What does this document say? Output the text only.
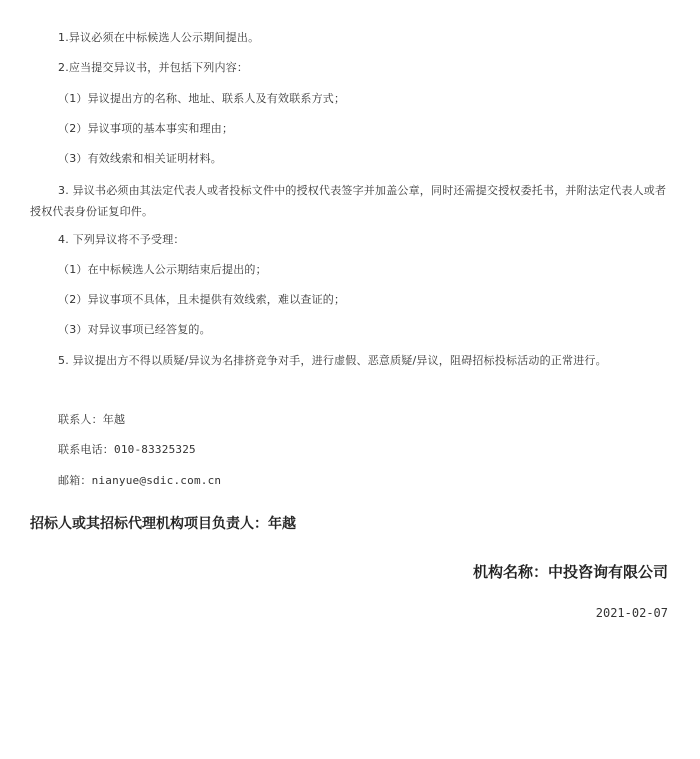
1.异议必须在中标候选人公示期间提出。
2.应当提交异议书，并包括下列内容：
（1）异议提出方的名称、地址、联系人及有效联系方式；
（2）异议事项的基本事实和理由；
（3）有效线索和相关证明材料。
3. 异议书必须由其法定代表人或者投标文件中的授权代表签字并加盖公章，同时还需提交授权委托书，并附法定代表人或者授权代表身份证复印件。
4. 下列异议将不予受理：
（1）在中标候选人公示期结束后提出的；
（2）异议事项不具体，且未提供有效线索，难以查证的；
（3）对异议事项已经答复的。
5. 异议提出方不得以质疑/异议为名排挤竞争对手，进行虚假、恶意质疑/异议，阻碍招标投标活动的正常进行。
联系人：年越
联系电话：010-83325325
邮箱：nianyue@sdic.com.cn
招标人或其招标代理机构项目负责人：年越
机构名称：中投咨询有限公司
2021-02-07
